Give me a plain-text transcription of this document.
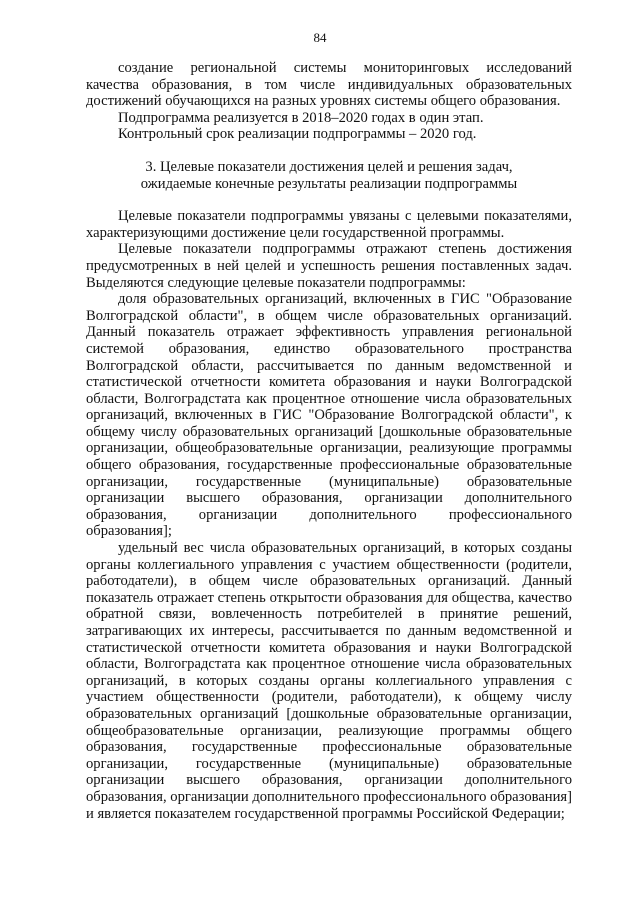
84

создание региональной системы мониторинговых исследований качества образования, в том числе индивидуальных образовательных достижений обучающихся на разных уровнях системы общего образования.

Подпрограмма реализуется в 2018–2020 годах в один этап.

Контрольный срок реализации подпрограммы – 2020 год.

3. Целевые показатели достижения целей и решения задач,
ожидаемые конечные результаты реализации подпрограммы

Целевые показатели подпрограммы увязаны с целевыми показателями, характеризующими достижение цели государственной программы.

Целевые показатели подпрограммы отражают степень достижения предусмотренных в ней целей и успешность решения поставленных задач. Выделяются следующие целевые показатели подпрограммы:

доля образовательных организаций, включенных в ГИС "Образование Волгоградской области", в общем числе образовательных организаций. Данный показатель отражает эффективность управления региональной системой образования, единство образовательного пространства Волгоградской области, рассчитывается по данным ведомственной и статистической отчетности комитета образования и науки Волгоградской области, Волгоградстата как процентное отношение числа образовательных организаций, включенных в ГИС "Образование Волгоградской области", к общему числу образовательных организаций [дошкольные образовательные организации, общеобразовательные организации, реализующие программы общего образования, государственные профессиональные образовательные организации, государственные (муниципальные) образовательные организации высшего образования, организации дополнительного образования, организации дополнительного профессионального образования];

удельный вес числа образовательных организаций, в которых созданы органы коллегиального управления с участием общественности (родители, работодатели), в общем числе образовательных организаций. Данный показатель отражает степень открытости образования для общества, качество обратной связи, вовлеченность потребителей в принятие решений, затрагивающих их интересы, рассчитывается по данным ведомственной и статистической отчетности комитета образования и науки Волгоградской области, Волгоградстата как процентное отношение числа образовательных организаций, в которых созданы органы коллегиального управления с участием общественности (родители, работодатели), к общему числу образовательных организаций [дошкольные образовательные организации, общеобразовательные организации, реализующие программы общего образования, государственные профессиональные образовательные организации, государственные (муниципальные) образовательные организации высшего образования, организации дополнительного образования, организации дополнительного профессионального образования] и является показателем государственной программы Российской Федерации;
